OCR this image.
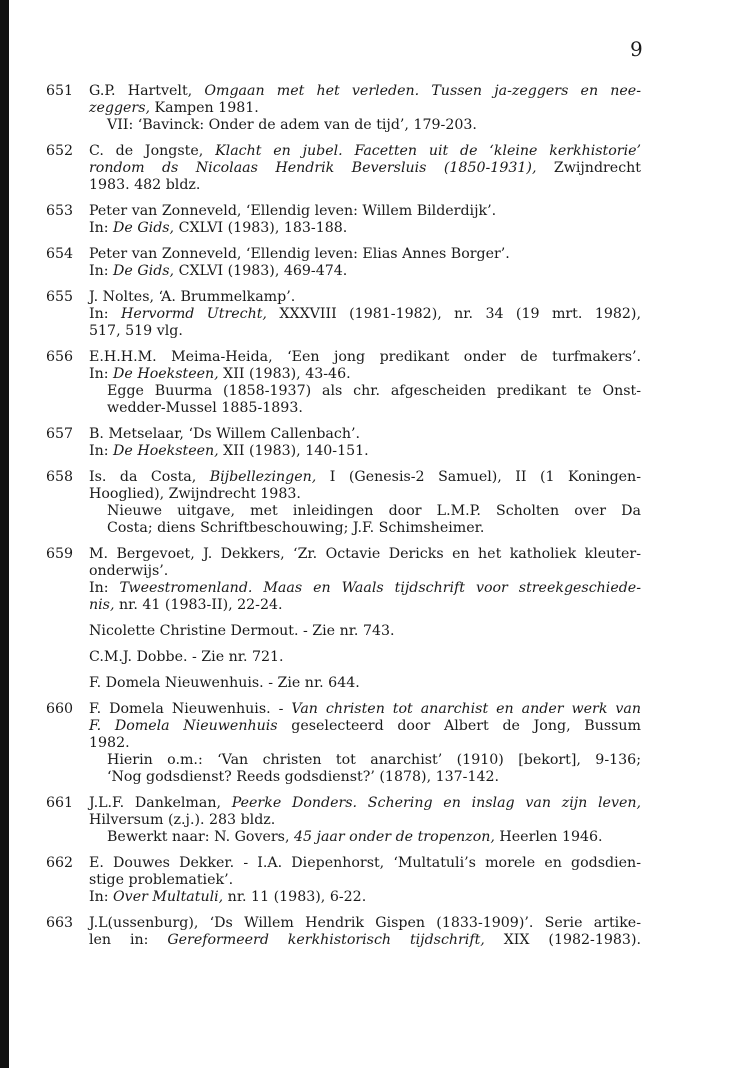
9
651 G.P. Hartvelt, Omgaan met het verleden. Tussen ja-zeggers en nee-
zeggers, Kampen 1981.
VII: ‘Bavinck: Onder de adem van de tijd’, 179-203.
652 C. de Jongste, Klacht en jubel. Facetten uit de ‘kleine kerkhistorie’
rondom ds Nicolaas Hendrik Beversluis (1850-1931), Zwijndrecht
1983. 482 bldz.
653 Peter van Zonneveld, ‘Ellendig leven: Willem Bilderdijk’.
In: De Gids, CXLVI (1983), 183-188.
654 Peter van Zonneveld, ‘Ellendig leven: Elias Annes Borger’.
In: De Gids, CXLVI (1983), 469-474.
655 J. Noltes, ‘A. Brummelkamp’.
In: Hervormd Utrecht, XXXVIII (1981-1982), nr. 34 (19 mrt. 1982),
517, 519 vlg.
656 E.H.H.M. Meima-Heida, ‘Een jong predikant onder de turfmakers’.
In: De Hoeksteen, XII (1983), 43-46.
Egge Buurma (1858-1937) als chr. afgescheiden predikant te Onst-
wedder-Mussel 1885-1893.
657 B. Metselaar, ‘Ds Willem Callenbach’.
In: De Hoeksteen, XII (1983), 140-151.
658 Is. da Costa, Bijbellezingen, I (Genesis-2 Samuel), II (1 Koningen-
Hooglied), Zwijndrecht 1983.
Nieuwe uitgave, met inleidingen door L.M.P. Scholten over Da
Costa; diens Schriftbeschouwing; J.F. Schimsheimer.
659 M. Bergevoet, J. Dekkers, ‘Zr. Octavie Dericks en het katholiek kleuter-
onderwijs’.
In: Tweestromenland. Maas en Waals tijdschrift voor streekgeschiede-
nis, nr. 41 (1983-II), 22-24.
Nicolette Christine Dermout. - Zie nr. 743.
C.M.J. Dobbe. - Zie nr. 721.
F. Domela Nieuwenhuis. - Zie nr. 644.
660 F. Domela Nieuwenhuis. - Van christen tot anarchist en ander werk van
F. Domela Nieuwenhuis geselecteerd door Albert de Jong, Bussum
1982.
Hierin o.m.: ‘Van christen tot anarchist’ (1910) [bekort], 9-136;
‘Nog godsdienst? Reeds godsdienst?’ (1878), 137-142.
661 J.L.F. Dankelman, Peerke Donders. Schering en inslag van zijn leven,
Hilversum (z.j.). 283 bldz.
Bewerkt naar: N. Govers, 45 jaar onder de tropenzon, Heerlen 1946.
662 E. Douwes Dekker. - I.A. Diepenhorst, ‘Multatuli’s morele en godsdien-
stige problematiek’.
In: Over Multatuli, nr. 11 (1983), 6-22.
663 J.L(ussenburg), ‘Ds Willem Hendrik Gispen (1833-1909)’. Serie artike-
len in: Gereformeerd kerkhistorisch tijdschrift, XIX (1982-1983).
